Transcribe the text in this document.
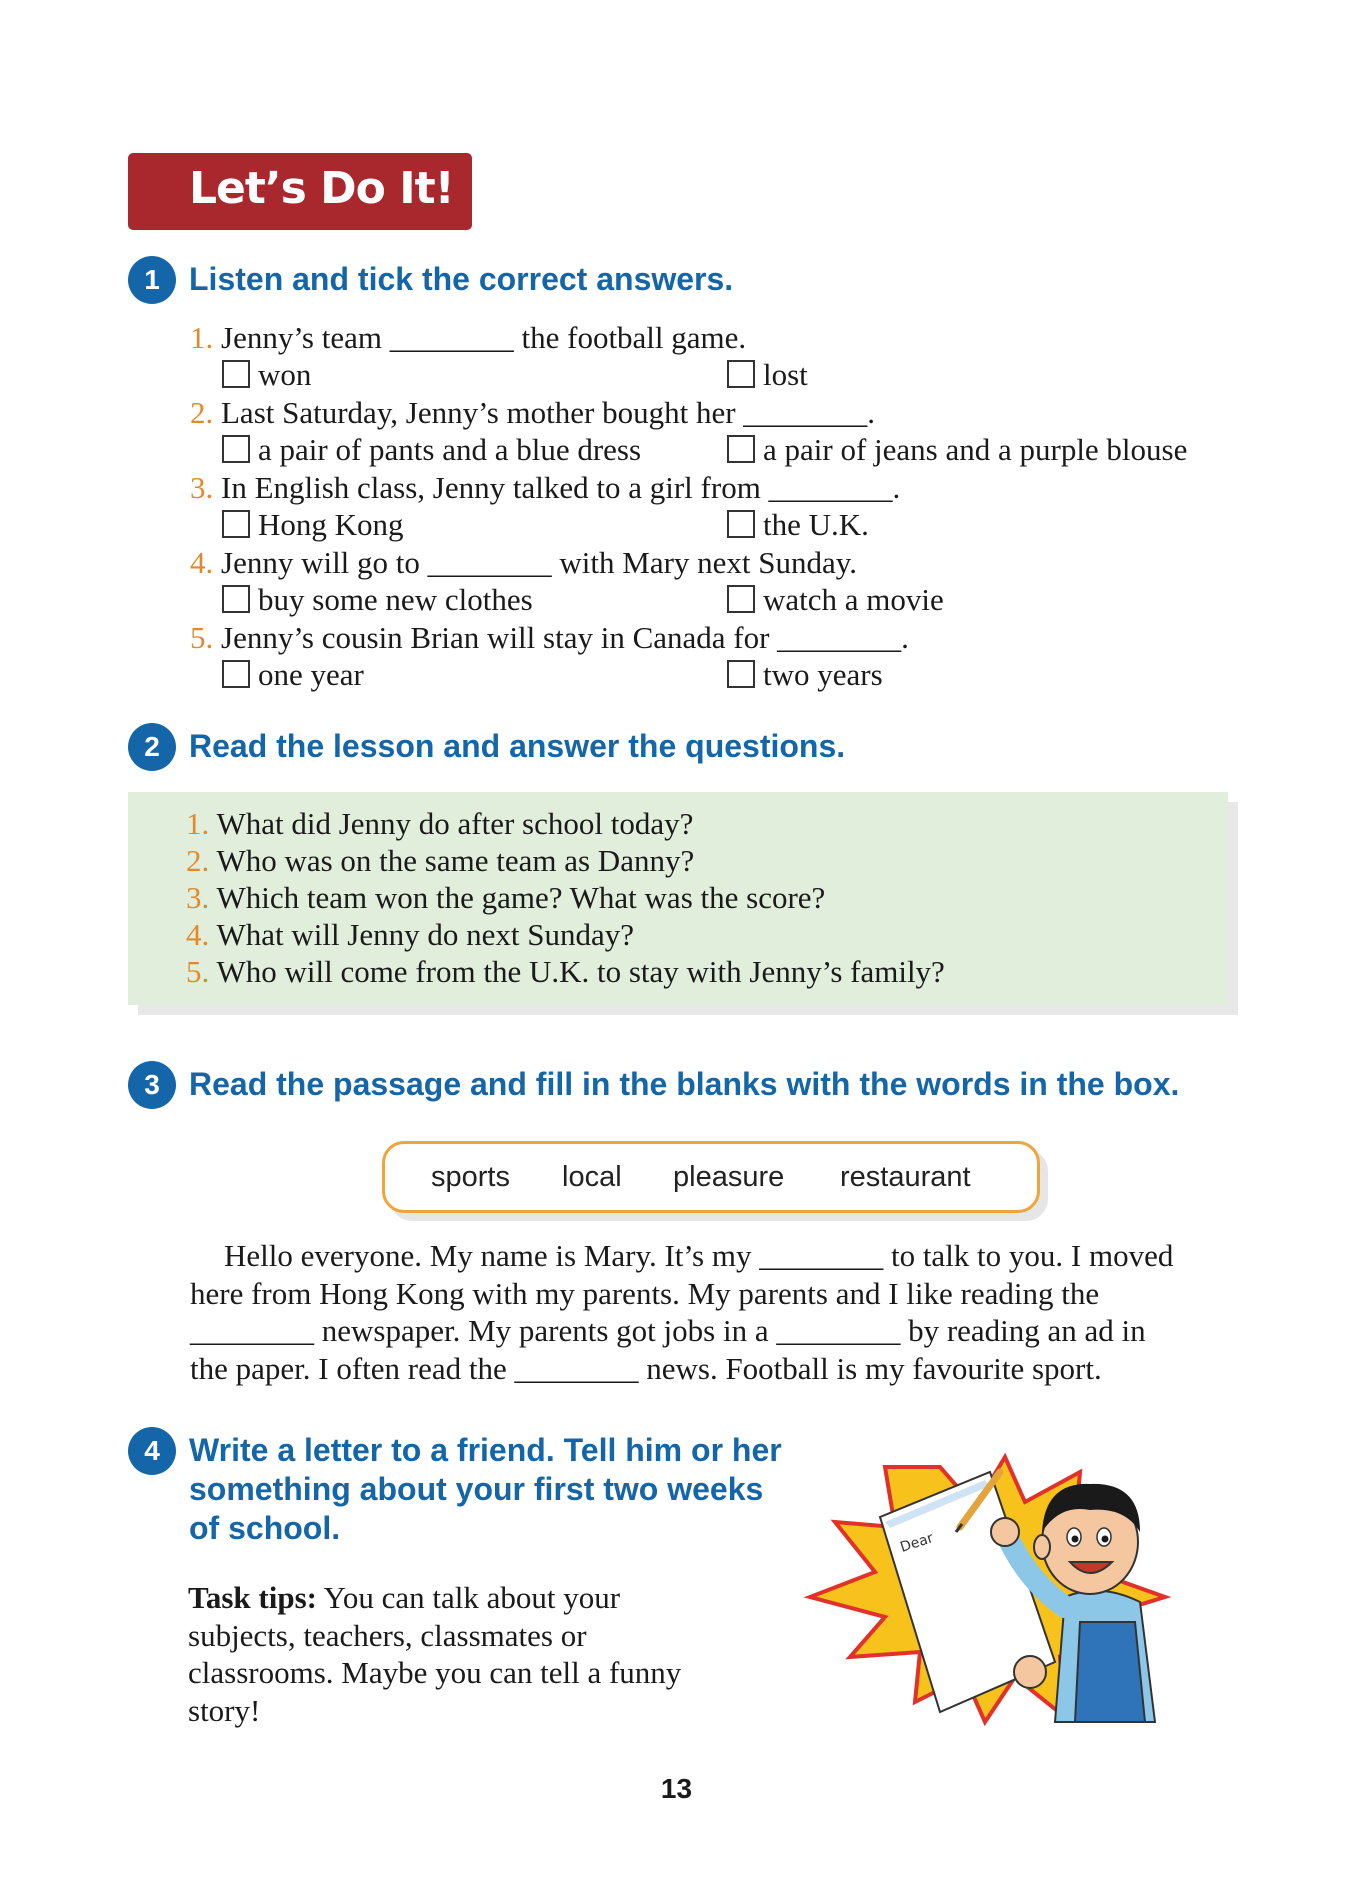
Let’s Do It!
1 Listen and tick the correct answers.
1. Jenny’s team ________ the football game.
won	lost
2. Last Saturday, Jenny’s mother bought her ________.
a pair of pants and a blue dress	a pair of jeans and a purple blouse
3. In English class, Jenny talked to a girl from ________.
Hong Kong	the U.K.
4. Jenny will go to ________ with Mary next Sunday.
buy some new clothes	watch a movie
5. Jenny’s cousin Brian will stay in Canada for ________.
one year	two years
2 Read the lesson and answer the questions.
1. What did Jenny do after school today?
2. Who was on the same team as Danny?
3. Which team won the game? What was the score?
4. What will Jenny do next Sunday?
5. Who will come from the U.K. to stay with Jenny’s family?
3 Read the passage and fill in the blanks with the words in the box.
sports local pleasure restaurant

Hello everyone. My name is Mary. It’s my ________ to talk to you. I moved

here from Hong Kong with my parents. My parents and I like reading the

________ newspaper. My parents got jobs in a ________ by reading an ad in

the paper. I often read the ________ news. Football is my favourite sport.

4 Write a letter to a friend. Tell him or her
something about your first two weeks
of school.
Task tips: You can talk about your
subjects, teachers, classmates or
classrooms. Maybe you can tell a funny
story!
Dear
13
